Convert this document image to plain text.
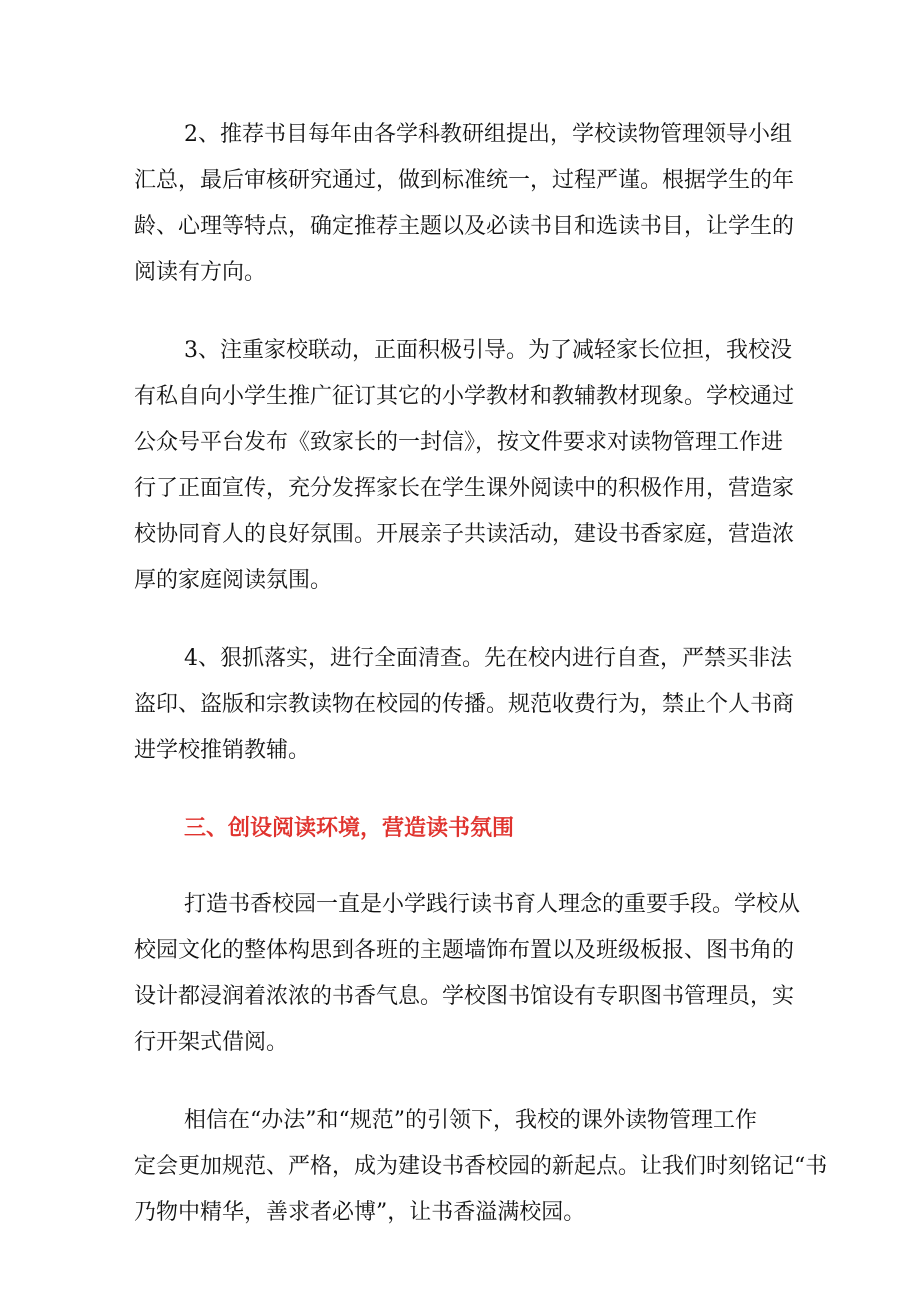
2、推荐书目每年由各学科教研组提出，学校读物管理领导小组
汇总，最后审核研究通过，做到标准统一，过程严谨。根据学生的年
龄、心理等特点，确定推荐主题以及必读书目和选读书目，让学生的
阅读有方向。

3、注重家校联动，正面积极引导。为了减轻家长位担，我校没
有私自向小学生推广征订其它的小学教材和教辅教材现象。学校通过
公众号平台发布《致家长的一封信》，按文件要求对读物管理工作进
行了正面宣传，充分发挥家长在学生课外阅读中的积极作用，营造家
校协同育人的良好氛围。开展亲子共读活动，建设书香家庭，营造浓
厚的家庭阅读氛围。

4、狠抓落实，进行全面清查。先在校内进行自查，严禁买非法
盗印、盗版和宗教读物在校园的传播。规范收费行为，禁止个人书商
进学校推销教辅。

三、创设阅读环境，营造读书氛围

打造书香校园一直是小学践行读书育人理念的重要手段。学校从
校园文化的整体构思到各班的主题墙饰布置以及班级板报、图书角的
设计都浸润着浓浓的书香气息。学校图书馆设有专职图书管理员，实
行开架式借阅。

相信在“办法”和“规范”的引领下，我校的课外读物管理工作
定会更加规范、严格，成为建设书香校园的新起点。让我们时刻铭记“书
乃物中精华，善求者必博”，让书香溢满校园。
